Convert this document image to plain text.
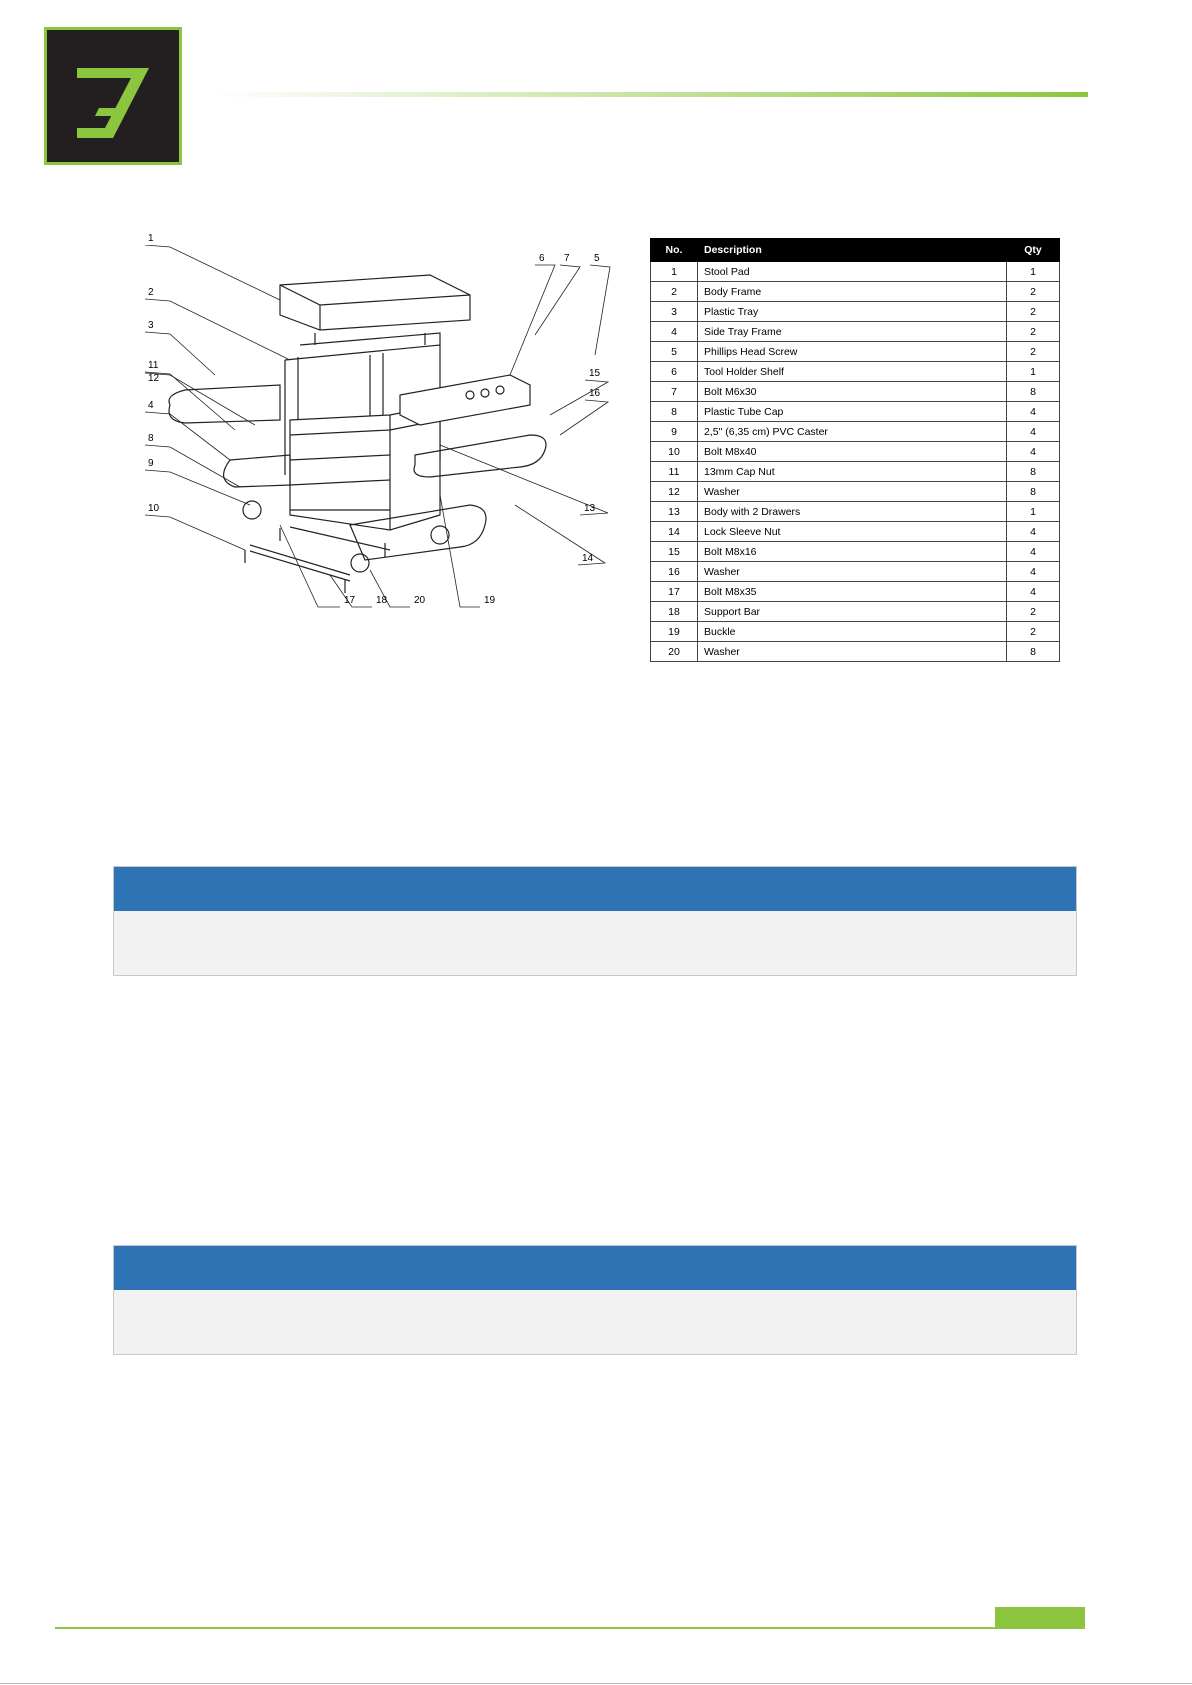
1
2
3
11
12
4
8
9
10
7
6	5
15
16
13
14
17 18	20	19
No.	Description	Qty
1	Stool Pad	1
2	Body Frame	2
3	Plastic Tray	2
4	Side Tray Frame	2
5	Phillips Head Screw	2
6	Tool Holder Shelf	1
7	Bolt M6x30	8
8	Plastic Tube Cap	4
9	2,5" (6,35 cm) PVC Caster	4
10	Bolt M8x40	4
11	13mm Cap Nut	8
12	Washer	8
13	Body with 2 Drawers	1
14	Lock Sleeve Nut	4
15	Bolt M8x16	4
16	Washer	4
17	Bolt M8x35	4
18	Support Bar	2
19	Buckle	2
20	Washer	8
